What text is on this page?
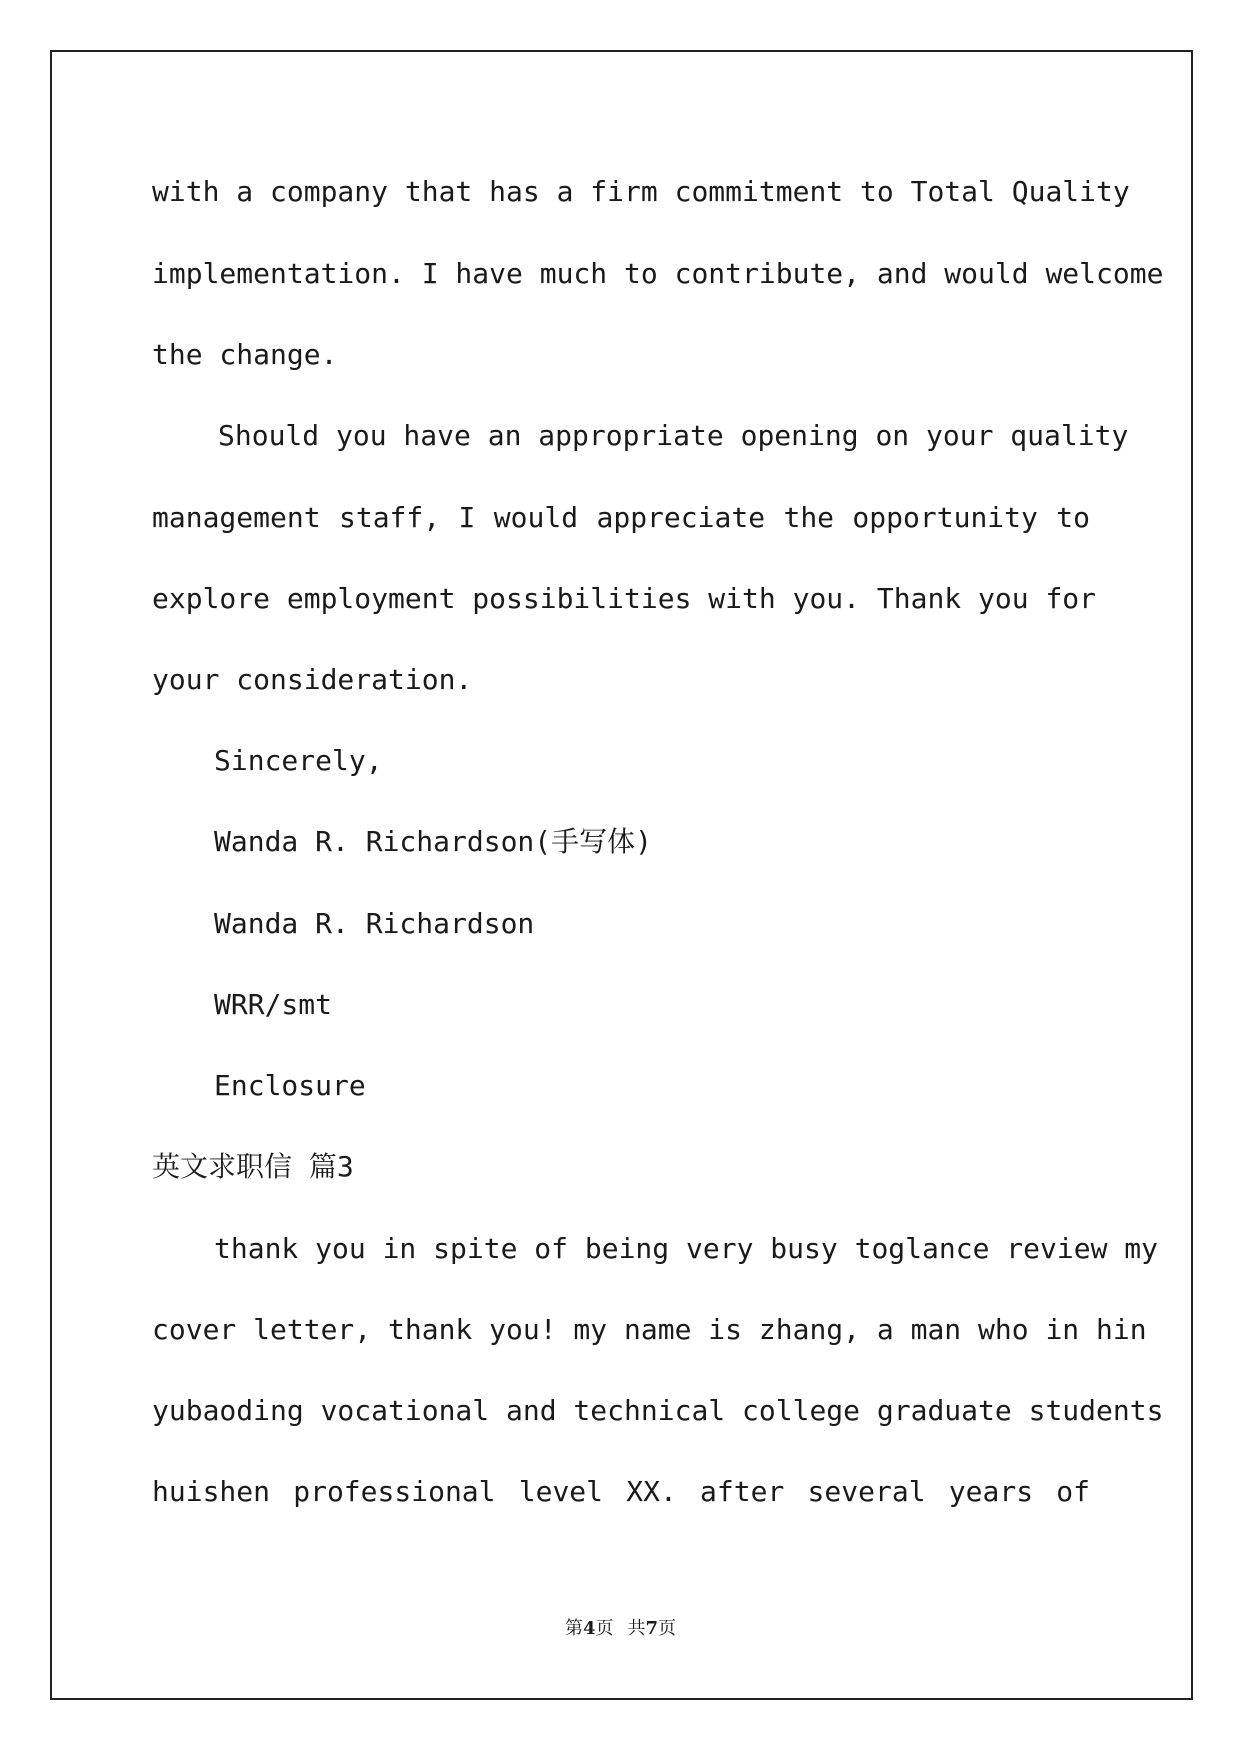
with a company that has a firm commitment to Total Quality
implementation. I have much to contribute, and would welcome
the change.
Should you have an appropriate opening on your quality
management staff, I would appreciate the opportunity to
explore employment possibilities with you. Thank you for
your consideration.
Sincerely,
Wanda R. Richardson(手写体)
Wanda R. Richardson
WRR/smt
Enclosure
英文求职信 篇3
thank you in spite of being very busy toglance review my
cover letter, thank you! my name is zhang, a man who in hin
yubaoding vocational and technical college graduate students
huishen professional level XX. after several years of
第4页 共7页
